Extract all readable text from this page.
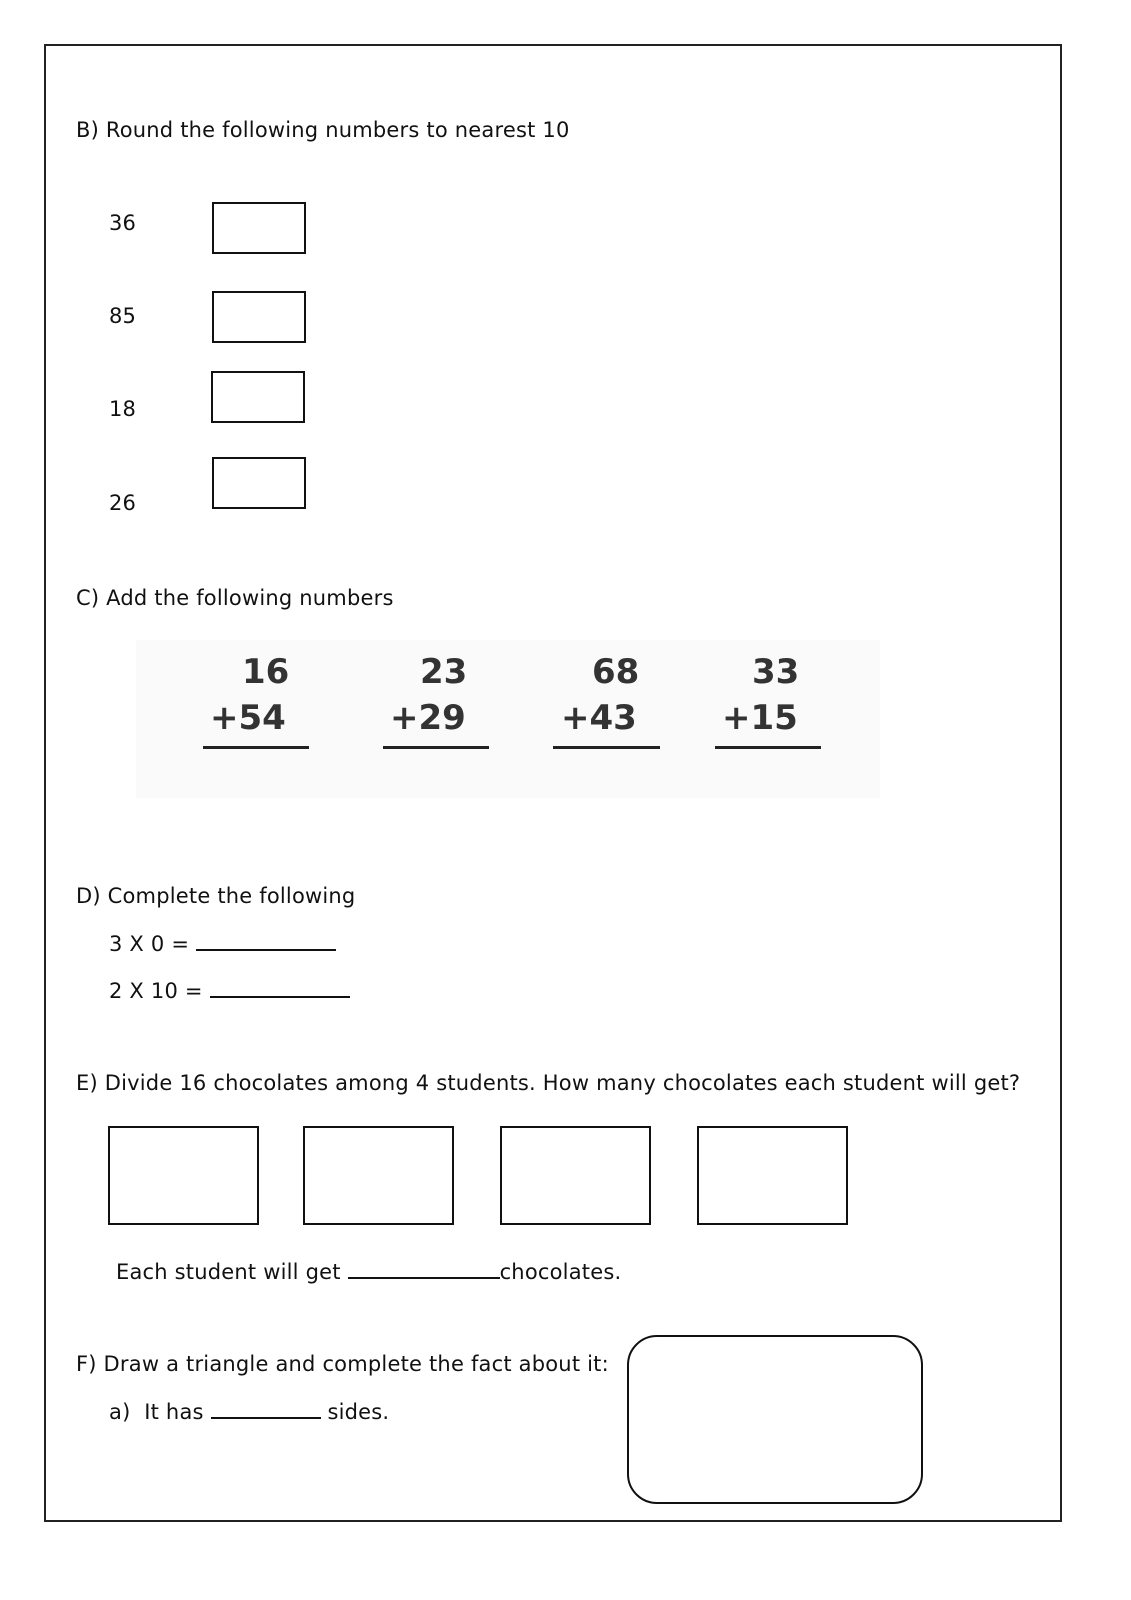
B) Round the following numbers to nearest 10
36
85
18
26
C) Add the following numbers
16
+54
23
+29
68
+43
33
+15
D) Complete the following
3 X 0 =
2 X 10 =
E) Divide 16 chocolates among 4 students. How many chocolates each student will get?
Each student will get	chocolates.
F) Draw a triangle and complete the fact about it:
a) It has	sides.
